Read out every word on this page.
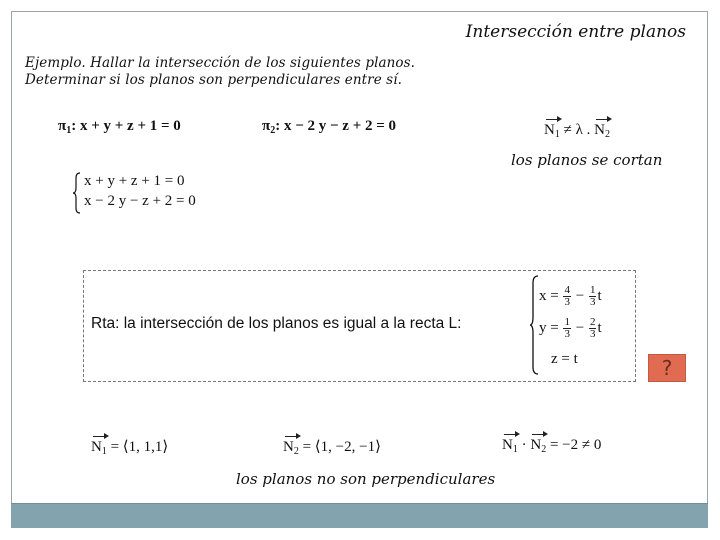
Intersección entre planos
Ejemplo. Hallar la intersección de los siguientes planos.
Determinar si los planos son perpendiculares entre sí.
$\pi_1$: x + y + z + 1 = 0	$\pi_2$: x − 2 y − z + 2 = 0	$N_1 \ne \lambda$ . $N_2$
los planos se cortan
x + y + z + 1 = 0
x − 2 y − z + 2 = 0
Rta: la intersección de los planos es igual a la recta L:
$x = \frac{4}{3} - \frac{1}{3}$ t
$y = \frac{1}{3} - \frac{2}{3}$ t
z = t	?
$N_1$ = ⟨1, 1,1⟩	$N_2$ = ⟨1, −2, −1⟩	$N_1 \cdot N_2 = -2 \ne 0$
los planos no son perpendiculares
